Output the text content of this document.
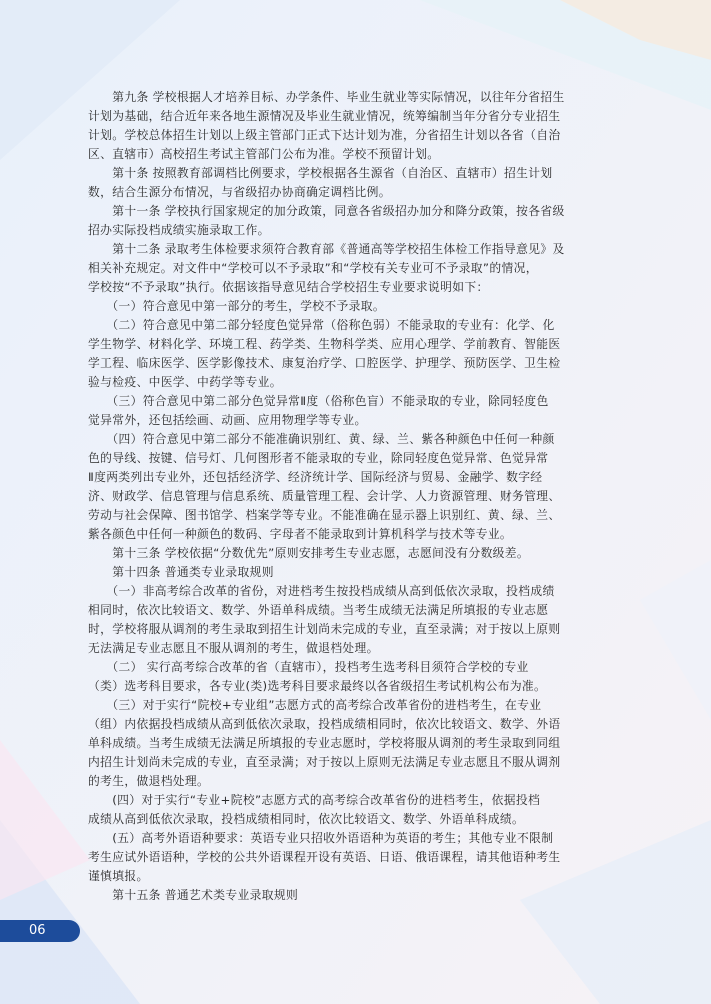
　　第九条 学校根据人才培养目标、办学条件、毕业生就业等实际情况，以往年分省招生
计划为基础，结合近年来各地生源情况及毕业生就业情况，统筹编制当年分省分专业招生
计划。学校总体招生计划以上级主管部门正式下达计划为准，分省招生计划以各省（自治
区、直辖市）高校招生考试主管部门公布为准。学校不预留计划。
　　第十条 按照教育部调档比例要求，学校根据各生源省（自治区、直辖市）招生计划
数，结合生源分布情况，与省级招办协商确定调档比例。
　　第十一条 学校执行国家规定的加分政策，同意各省级招办加分和降分政策，按各省级
招办实际投档成绩实施录取工作。
　　第十二条 录取考生体检要求须符合教育部《普通高等学校招生体检工作指导意见》及
相关补充规定。对文件中“学校可以不予录取”和“学校有关专业可不予录取”的情况，
学校按“不予录取”执行。依据该指导意见结合学校招生专业要求说明如下：
　　（一）符合意见中第一部分的考生，学校不予录取。
　　（二）符合意见中第二部分轻度色觉异常（俗称色弱）不能录取的专业有：化学、化
学生物学、材料化学、环境工程、药学类、生物科学类、应用心理学、学前教育、智能医
学工程、临床医学、医学影像技术、康复治疗学、口腔医学、护理学、预防医学、卫生检
验与检疫、中医学、中药学等专业。
　　（三）符合意见中第二部分色觉异常Ⅱ度（俗称色盲）不能录取的专业，除同轻度色
觉异常外，还包括绘画、动画、应用物理学等专业。
　　（四）符合意见中第二部分不能准确识别红、黄、绿、兰、紫各种颜色中任何一种颜
色的导线、按键、信号灯、几何图形者不能录取的专业，除同轻度色觉异常、色觉异常
Ⅱ度两类列出专业外，还包括经济学、经济统计学、国际经济与贸易、金融学、数字经
济、财政学、信息管理与信息系统、质量管理工程、会计学、人力资源管理、财务管理、
劳动与社会保障、图书馆学、档案学等专业。不能准确在显示器上识别红、黄、绿、兰、
紫各颜色中任何一种颜色的数码、字母者不能录取到计算机科学与技术等专业。
　　第十三条 学校依据“分数优先”原则安排考生专业志愿，志愿间没有分数级差。
　　第十四条 普通类专业录取规则
　　（一）非高考综合改革的省份，对进档考生按投档成绩从高到低依次录取，投档成绩
相同时，依次比较语文、数学、外语单科成绩。当考生成绩无法满足所填报的专业志愿
时，学校将服从调剂的考生录取到招生计划尚未完成的专业，直至录满；对于按以上原则
无法满足专业志愿且不服从调剂的考生，做退档处理。
　　（二） 实行高考综合改革的省（直辖市），投档考生选考科目须符合学校的专业
（类）选考科目要求，各专业(类)选考科目要求最终以各省级招生考试机构公布为准。
　　（三）对于实行“院校+专业组”志愿方式的高考综合改革省份的进档考生，在专业
（组）内依据投档成绩从高到低依次录取，投档成绩相同时，依次比较语文、数学、外语
单科成绩。当考生成绩无法满足所填报的专业志愿时，学校将服从调剂的考生录取到同组
内招生计划尚未完成的专业，直至录满；对于按以上原则无法满足专业志愿且不服从调剂
的考生，做退档处理。
　　(四）对于实行“专业+院校”志愿方式的高考综合改革省份的进档考生，依据投档
成绩从高到低依次录取，投档成绩相同时，依次比较语文、数学、外语单科成绩。
　　(五）高考外语语种要求：英语专业只招收外语语种为英语的考生；其他专业不限制
考生应试外语语种，学校的公共外语课程开设有英语、日语、俄语课程，请其他语种考生
谨慎填报。
　　第十五条 普通艺术类专业录取规则
06
